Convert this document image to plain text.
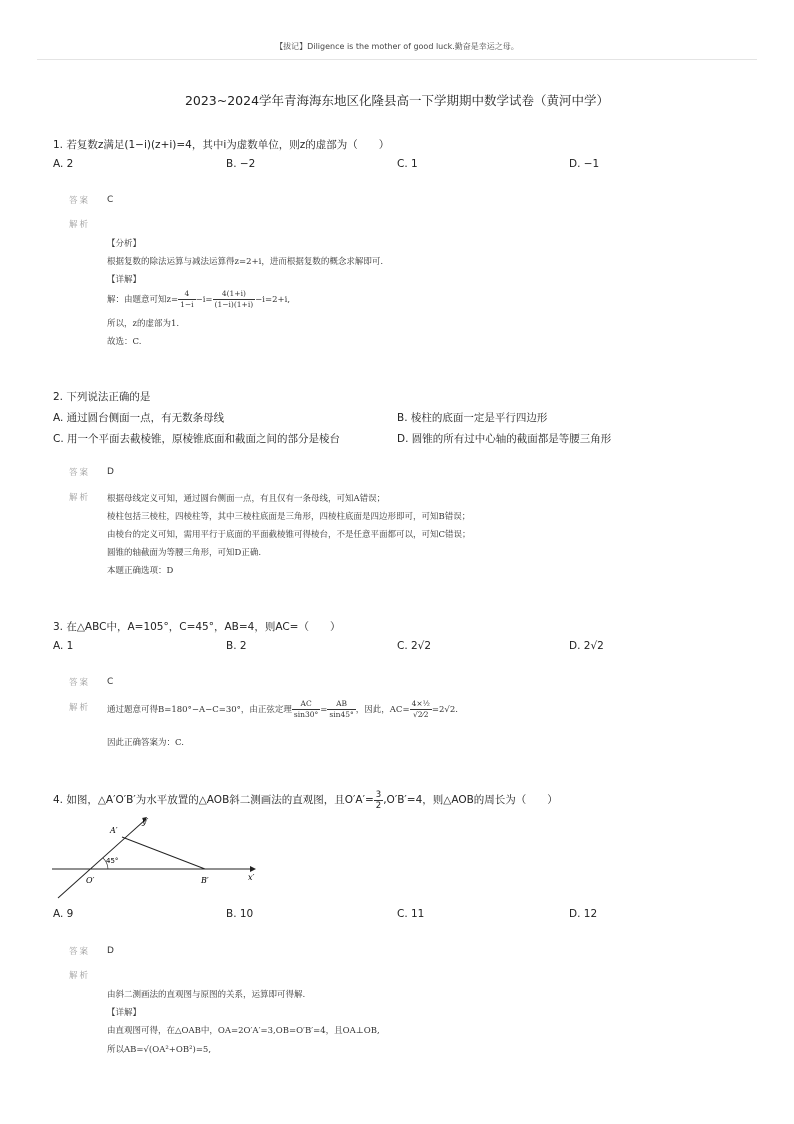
【拔记】Diligence is the mother of good luck.勤奋是幸运之母。
2023~2024学年青海海东地区化隆县高一下学期期中数学试卷（黄河中学）
1. 若复数z满足(1−i)(z+i)=4，其中i为虚数单位，则z的虚部为（　　）
A. 2	B. −2	C. 1	D. −1
答案 C
解析
【分析】
根据复数的除法运算与减法运算得z=2+i，进而根据复数的概念求解即可.
【详解】
解：由题意可知$z= \frac{4}{1-i} -i= \frac{4(1+i)}{(1-i)(1+i)} -i=2+i$,
所以，z的虚部为1.
故选：C.
2. 下列说法正确的是
A. 通过圆台侧面一点，有无数条母线	B. 棱柱的底面一定是平行四边形
C. 用一个平面去截棱锥，原棱锥底面和截面之间的部分是棱台	D. 圆锥的所有过中心轴的截面都是等腰三角形
答案 D
解析 根据母线定义可知，通过圆台侧面一点，有且仅有一条母线，可知A错误；
棱柱包括三棱柱，四棱柱等，其中三棱柱底面是三角形，四棱柱底面是四边形即可，可知B错误；
由棱台的定义可知，需用平行于底面的平面截棱锥可得棱台，不是任意平面都可以，可知C错误；
圆锥的轴截面为等腰三角形，可知D正确.
本题正确选项：D
3. 在△ABC中，A=105°，C=45°，AB=4，则AC=（　　）
A. 1	B. 2	C. 2√2	D. 2√2
答案 C
解析 通过题意可得B=180°−A−C=30°，由正弦定理 $\frac{AC}{\sin 30^\circ} = \frac{AB}{\sin 45^\circ}$ ，因此，$AC= \frac{\text{4×½}}{√2⁄2} =2√2$.
因此正确答案为：C.
4. 如图，△A′O′B′为水平放置的△AOB斜二测画法的直观图，且$O'A'= \frac{3}{2} ,O'B'=4$，则△AOB的周长为（　　）
A′
y′
45°
O′	B′	x′
A. 9	B. 10	C. 11	D. 12
答案 D
解析
由斜二测画法的直观图与原图的关系，运算即可得解.
【详解】
由直观图可得，在△OAB中，OA=2O′A′=3,OB=O′B′=4，且OA⊥OB,
所以AB=√(OA²+OB²)=5,
